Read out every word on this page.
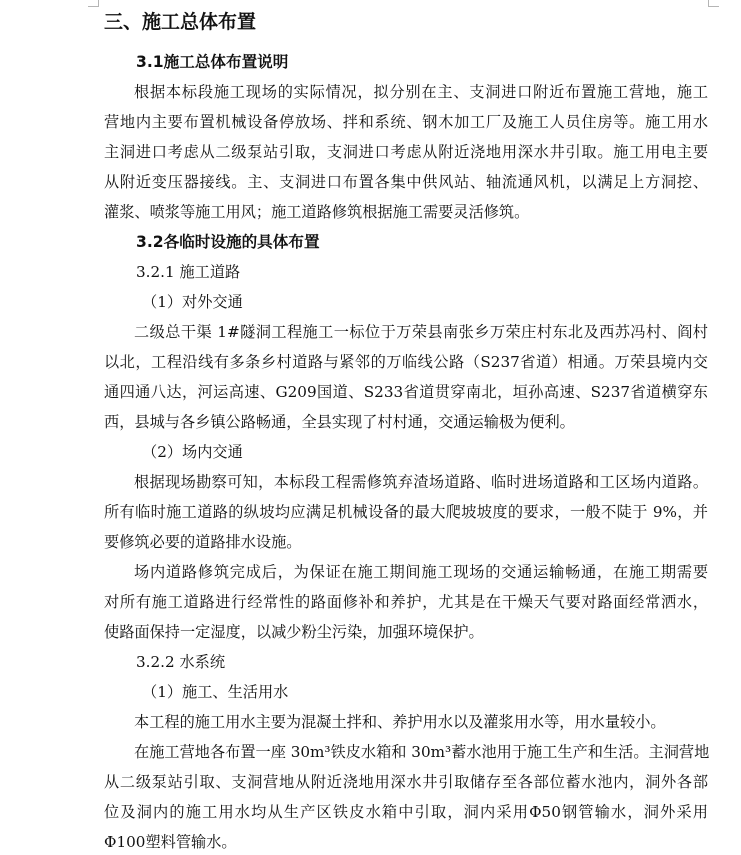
三、施工总体布置
3.1施工总体布置说明
根据本标段施工现场的实际情况，拟分别在主、支洞进口附近布置施工营地，施工
营地内主要布置机械设备停放场、拌和系统、钢木加工厂及施工人员住房等。施工用水
主洞进口考虑从二级泵站引取，支洞进口考虑从附近浇地用深水井引取。施工用电主要
从附近变压器接线。主、支洞进口布置各集中供风站、轴流通风机，以满足上方洞挖、
灌浆、喷浆等施工用风；施工道路修筑根据施工需要灵活修筑。
3.2各临时设施的具体布置
3.2.1 施工道路
（1）对外交通
二级总干渠 1#隧洞工程施工一标位于万荣县南张乡万荣庄村东北及西苏冯村、阎村
以北，工程沿线有多条乡村道路与紧邻的万临线公路（S237省道）相通。万荣县境内交
通四通八达，河运高速、G209国道、S233省道贯穿南北，垣孙高速、S237省道横穿东
西，县城与各乡镇公路畅通，全县实现了村村通，交通运输极为便利。
（2）场内交通
根据现场勘察可知，本标段工程需修筑弃渣场道路、临时进场道路和工区场内道路。
所有临时施工道路的纵坡均应满足机械设备的最大爬坡坡度的要求，一般不陡于 9%，并
要修筑必要的道路排水设施。
场内道路修筑完成后，为保证在施工期间施工现场的交通运输畅通，在施工期需要
对所有施工道路进行经常性的路面修补和养护，尤其是在干燥天气要对路面经常洒水，
使路面保持一定湿度，以减少粉尘污染，加强环境保护。
3.2.2 水系统
（1）施工、生活用水
本工程的施工用水主要为混凝土拌和、养护用水以及灌浆用水等，用水量较小。
在施工营地各布置一座 30m³铁皮水箱和 30m³蓄水池用于施工生产和生活。主洞营地
从二级泵站引取、支洞营地从附近浇地用深水井引取储存至各部位蓄水池内，洞外各部
位及洞内的施工用水均从生产区铁皮水箱中引取，洞内采用Φ50钢管输水，洞外采用
Φ100塑料管输水。
